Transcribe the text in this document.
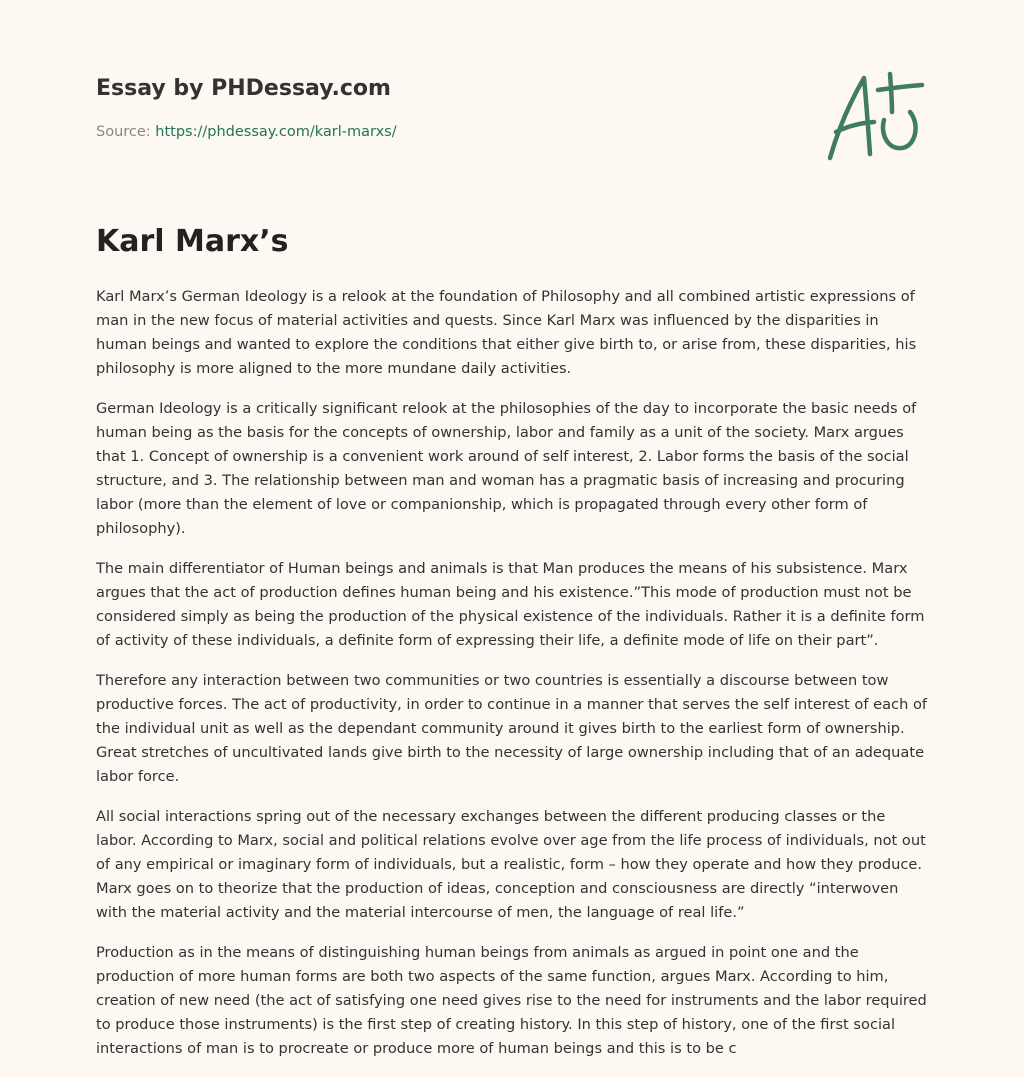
Essay by PHDessay.com
Source: https://phdessay.com/karl-marxs/
Karl Marx’s

Karl Marx’s German Ideology is a relook at the foundation of Philosophy and all combined artistic expressions of man in the new focus of material activities and quests. Since Karl Marx was influenced by the disparities in human beings and wanted to explore the conditions that either give birth to, or arise from, these disparities, his philosophy is more aligned to the more mundane daily activities.

German Ideology is a critically significant relook at the philosophies of the day to incorporate the basic needs of human being as the basis for the concepts of ownership, labor and family as a unit of the society. Marx argues that 1. Concept of ownership is a convenient work around of self interest, 2. Labor forms the basis of the social structure, and 3. The relationship between man and woman has a pragmatic basis of increasing and procuring labor (more than the element of love or companionship, which is propagated through every other form of philosophy).

The main differentiator of Human beings and animals is that Man produces the means of his subsistence. Marx argues that the act of production defines human being and his existence.”This mode of production must not be considered simply as being the production of the physical existence of the individuals. Rather it is a definite form of activity of these individuals, a definite form of expressing their life, a definite mode of life on their part”.

Therefore any interaction between two communities or two countries is essentially a discourse between tow productive forces. The act of productivity, in order to continue in a manner that serves the self interest of each of the individual unit as well as the dependant community around it gives birth to the earliest form of ownership. Great stretches of uncultivated lands give birth to the necessity of large ownership including that of an adequate labor force.

All social interactions spring out of the necessary exchanges between the different producing classes or the labor. According to Marx, social and political relations evolve over age from the life process of individuals, not out of any empirical or imaginary form of individuals, but a realistic, form – how they operate and how they produce. Marx goes on to theorize that the production of ideas, conception and consciousness are directly “interwoven with the material activity and the material intercourse of men, the language of real life.”

Production as in the means of distinguishing human beings from animals as argued in point one and the production of more human forms are both two aspects of the same function, argues Marx. According to him, creation of new need (the act of satisfying one need gives rise to the need for instruments and the labor required to produce those instruments) is the first step of creating history. In this step of history, one of the first social interactions of man is to procreate or produce more of human beings and this is to be c
